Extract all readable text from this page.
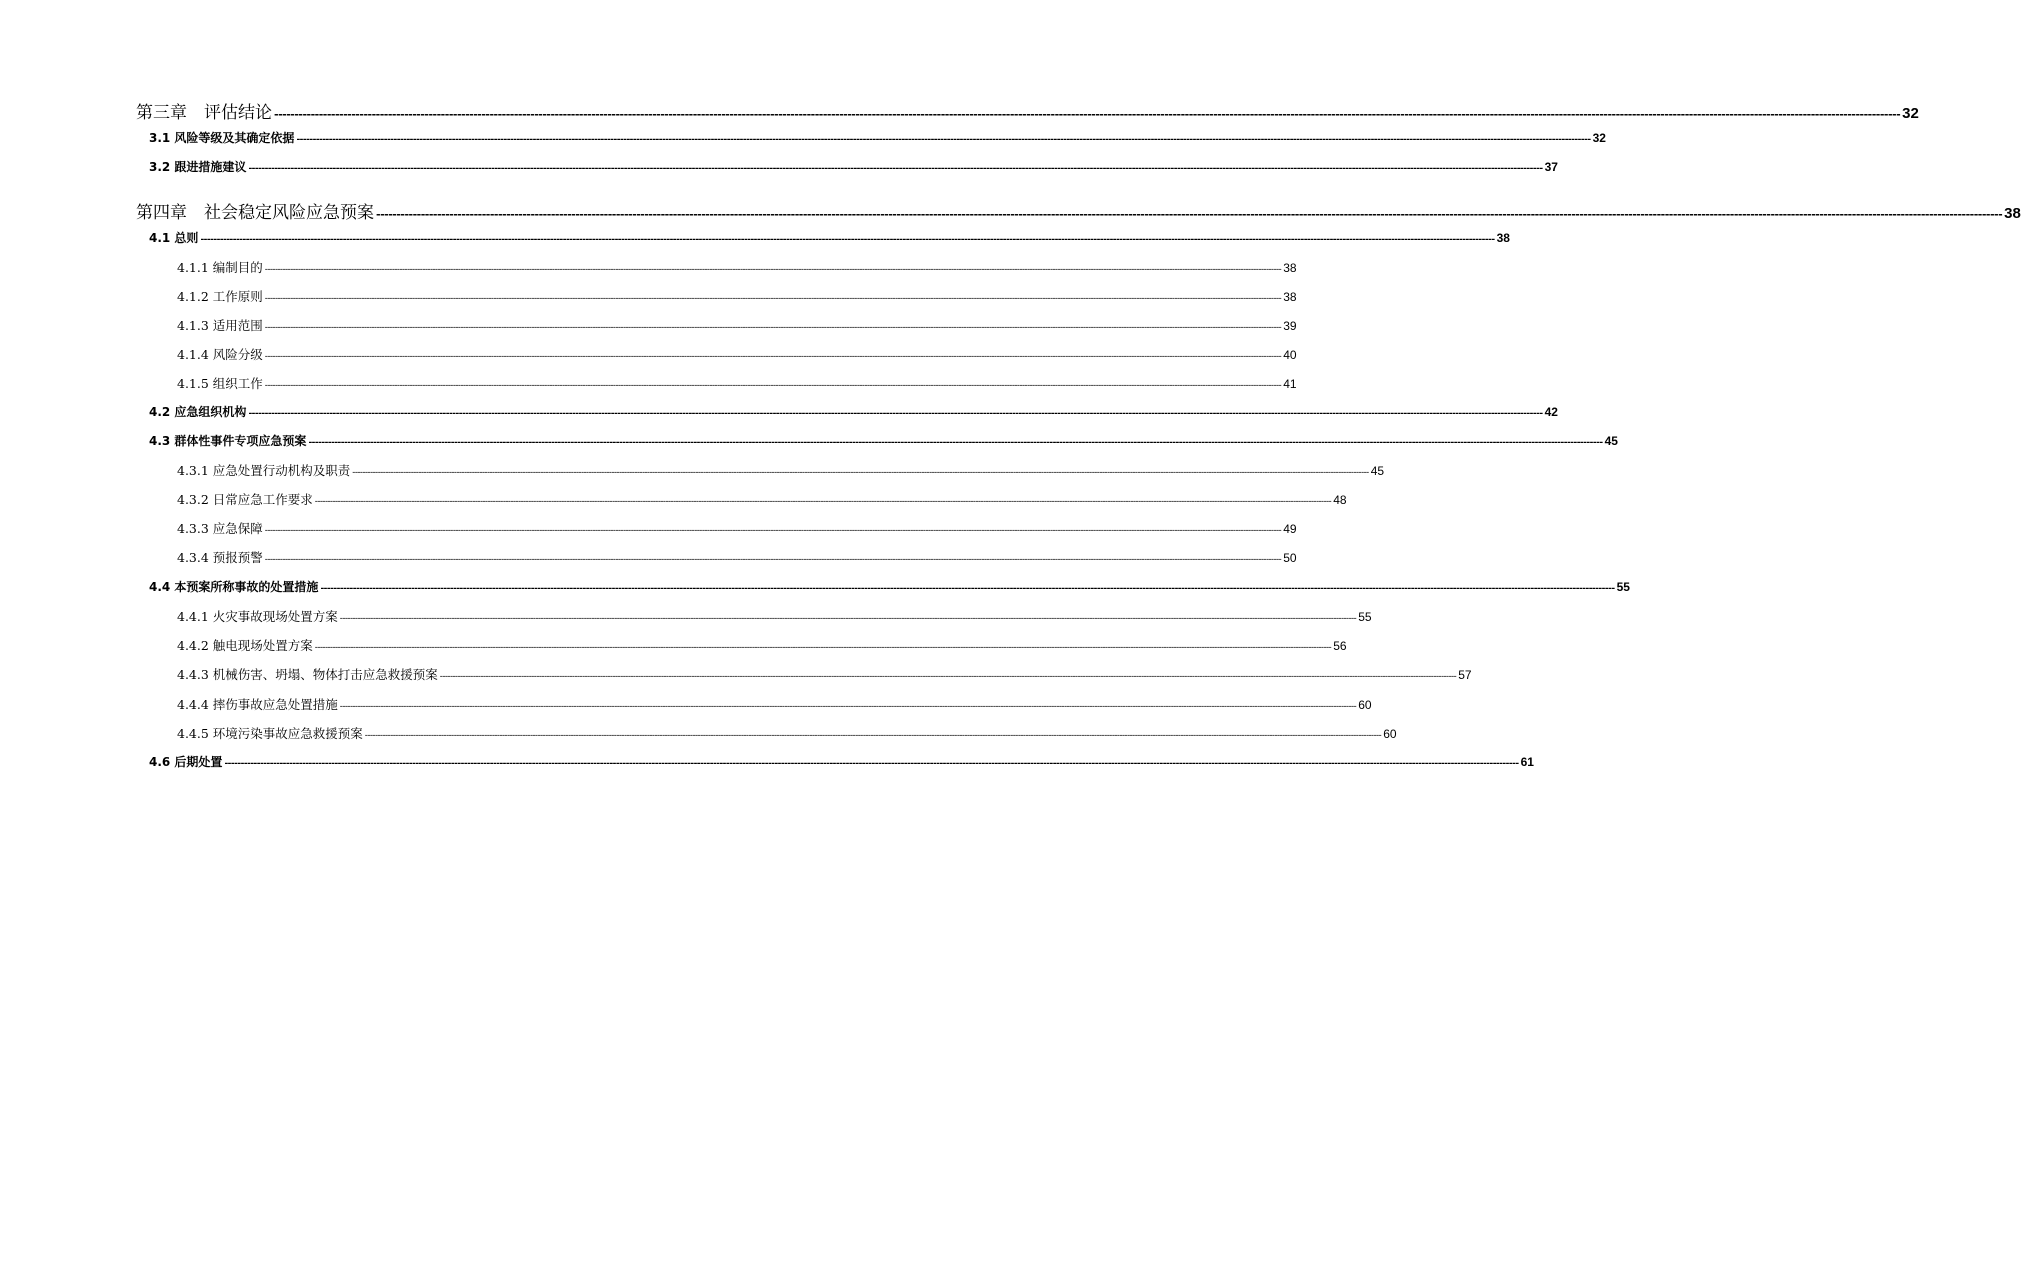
第三章　评估结论 ---------------------------------------------------------------------------------------------------------------------------------------------------------------------------------------------------------------------------------------------------------------------------------------------------------------------------------------------------------------------------------------------------------------- 32
3.1 风险等级及其确定依据 ---------------------------------------------------------------------------------------------------------------------------------------------------------------------------------------------------------------------------------------------------------------------------------------------------------------------------------------------------------------------------------------------------------------- 32
3.2 跟进措施建议 ---------------------------------------------------------------------------------------------------------------------------------------------------------------------------------------------------------------------------------------------------------------------------------------------------------------------------------------------------------------------------------------------------------------- 37
第四章　社会稳定风险应急预案 ---------------------------------------------------------------------------------------------------------------------------------------------------------------------------------------------------------------------------------------------------------------------------------------------------------------------------------------------------------------------------------------------------------------- 38
4.1 总则 ---------------------------------------------------------------------------------------------------------------------------------------------------------------------------------------------------------------------------------------------------------------------------------------------------------------------------------------------------------------------------------------------------------------- 38
4.1.1 编制目的 ---------------------------------------------------------------------------------------------------------------------------------------------------------------------------------------------------------------------------------------------------------------------------------------------------------------------------------------------------------------------------------------------------------------- 38
4.1.2 工作原则 ---------------------------------------------------------------------------------------------------------------------------------------------------------------------------------------------------------------------------------------------------------------------------------------------------------------------------------------------------------------------------------------------------------------- 38
4.1.3 适用范围 ---------------------------------------------------------------------------------------------------------------------------------------------------------------------------------------------------------------------------------------------------------------------------------------------------------------------------------------------------------------------------------------------------------------- 39
4.1.4 风险分级 ---------------------------------------------------------------------------------------------------------------------------------------------------------------------------------------------------------------------------------------------------------------------------------------------------------------------------------------------------------------------------------------------------------------- 40
4.1.5 组织工作 ---------------------------------------------------------------------------------------------------------------------------------------------------------------------------------------------------------------------------------------------------------------------------------------------------------------------------------------------------------------------------------------------------------------- 41
4.2 应急组织机构 ---------------------------------------------------------------------------------------------------------------------------------------------------------------------------------------------------------------------------------------------------------------------------------------------------------------------------------------------------------------------------------------------------------------- 42
4.3 群体性事件专项应急预案 ---------------------------------------------------------------------------------------------------------------------------------------------------------------------------------------------------------------------------------------------------------------------------------------------------------------------------------------------------------------------------------------------------------------- 45
4.3.1 应急处置行动机构及职责 ---------------------------------------------------------------------------------------------------------------------------------------------------------------------------------------------------------------------------------------------------------------------------------------------------------------------------------------------------------------------------------------------------------------- 45
4.3.2 日常应急工作要求 ---------------------------------------------------------------------------------------------------------------------------------------------------------------------------------------------------------------------------------------------------------------------------------------------------------------------------------------------------------------------------------------------------------------- 48
4.3.3 应急保障 ---------------------------------------------------------------------------------------------------------------------------------------------------------------------------------------------------------------------------------------------------------------------------------------------------------------------------------------------------------------------------------------------------------------- 49
4.3.4 预报预警 ---------------------------------------------------------------------------------------------------------------------------------------------------------------------------------------------------------------------------------------------------------------------------------------------------------------------------------------------------------------------------------------------------------------- 50
4.4 本预案所称事故的处置措施 ---------------------------------------------------------------------------------------------------------------------------------------------------------------------------------------------------------------------------------------------------------------------------------------------------------------------------------------------------------------------------------------------------------------- 55
4.4.1 火灾事故现场处置方案 ---------------------------------------------------------------------------------------------------------------------------------------------------------------------------------------------------------------------------------------------------------------------------------------------------------------------------------------------------------------------------------------------------------------- 55
4.4.2 触电现场处置方案 ---------------------------------------------------------------------------------------------------------------------------------------------------------------------------------------------------------------------------------------------------------------------------------------------------------------------------------------------------------------------------------------------------------------- 56
4.4.3 机械伤害、坍塌、物体打击应急救援预案 ---------------------------------------------------------------------------------------------------------------------------------------------------------------------------------------------------------------------------------------------------------------------------------------------------------------------------------------------------------------------------------------------------------------- 57
4.4.4 摔伤事故应急处置措施 ---------------------------------------------------------------------------------------------------------------------------------------------------------------------------------------------------------------------------------------------------------------------------------------------------------------------------------------------------------------------------------------------------------------- 60
4.4.5 环境污染事故应急救援预案 ---------------------------------------------------------------------------------------------------------------------------------------------------------------------------------------------------------------------------------------------------------------------------------------------------------------------------------------------------------------------------------------------------------------- 60
4.6 后期处置 ---------------------------------------------------------------------------------------------------------------------------------------------------------------------------------------------------------------------------------------------------------------------------------------------------------------------------------------------------------------------------------------------------------------- 61
